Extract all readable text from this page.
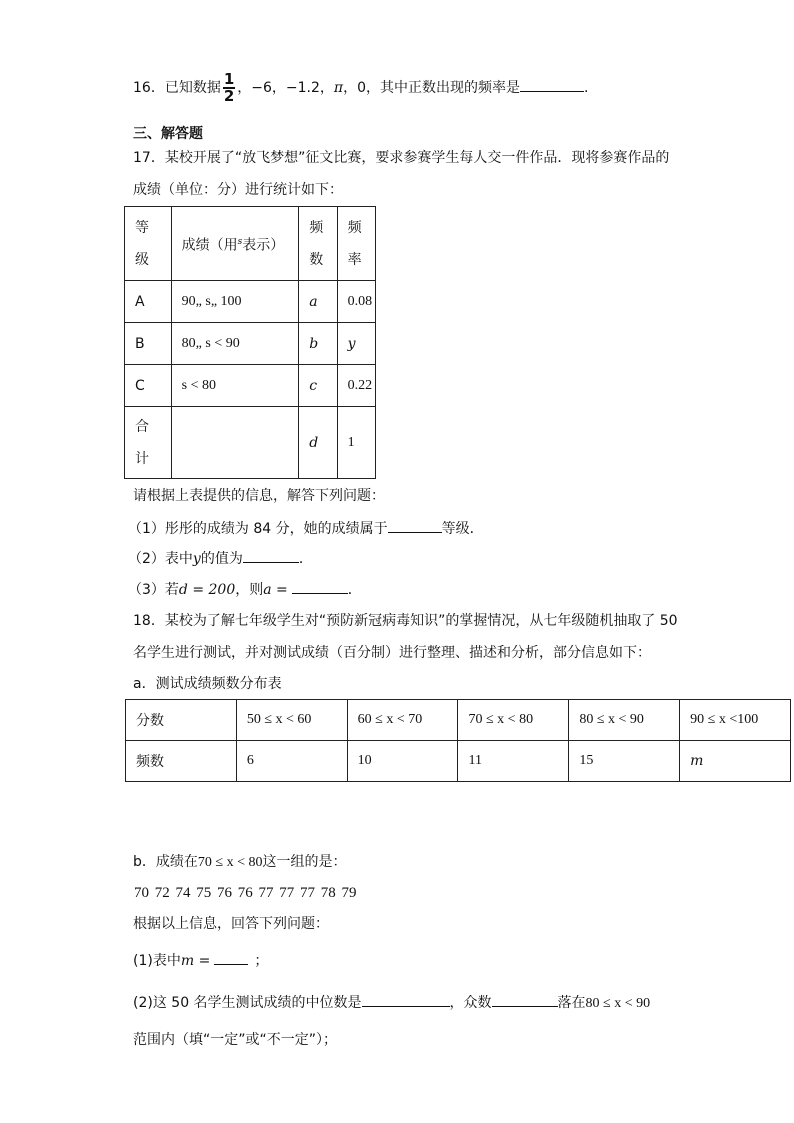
16．已知数据 $\frac{1}{2}$ ，−6，−1.2，π，0，其中正数出现的频率是	.
三、解答题
17．某校开展了“放飞梦想”征文比赛，要求参赛学生每人交一件作品．现将参赛作品的
成绩（单位：分）进行统计如下：
等级	成绩（用$^s$表示）	频数	频率
A	90„ s„ 100	a	0.08
B	80„ s < 90	b	y
C	s < 80	c	0.22
合计		d	1
请根据上表提供的信息，解答下列问题：
（1）彤彤的成绩为 84 分，她的成绩属于	等级．
（2）表中y的值为	．
（3）若d = 200，则a =	．
18．某校为了解七年级学生对“预防新冠病毒知识”的掌握情况，从七年级随机抽取了 50
名学生进行测试，并对测试成绩（百分制）进行整理、描述和分析，部分信息如下：
a．测试成绩频数分布表
分数	50 ≤ x < 60	60 ≤ x < 70	70 ≤ x < 80	80 ≤ x < 90	90 ≤ x <100
频数	6	10	11	15	m
b．成绩在70 ≤ x < 80这一组的是：
70 72 74 75 76 76 77 77 77 78 79
根据以上信息，回答下列问题：
(1)表中m =	；
(2)这 50 名学生测试成绩的中位数是	，众数	落在80 ≤ x < 90
范围内（填“一定”或“不一定”）；
